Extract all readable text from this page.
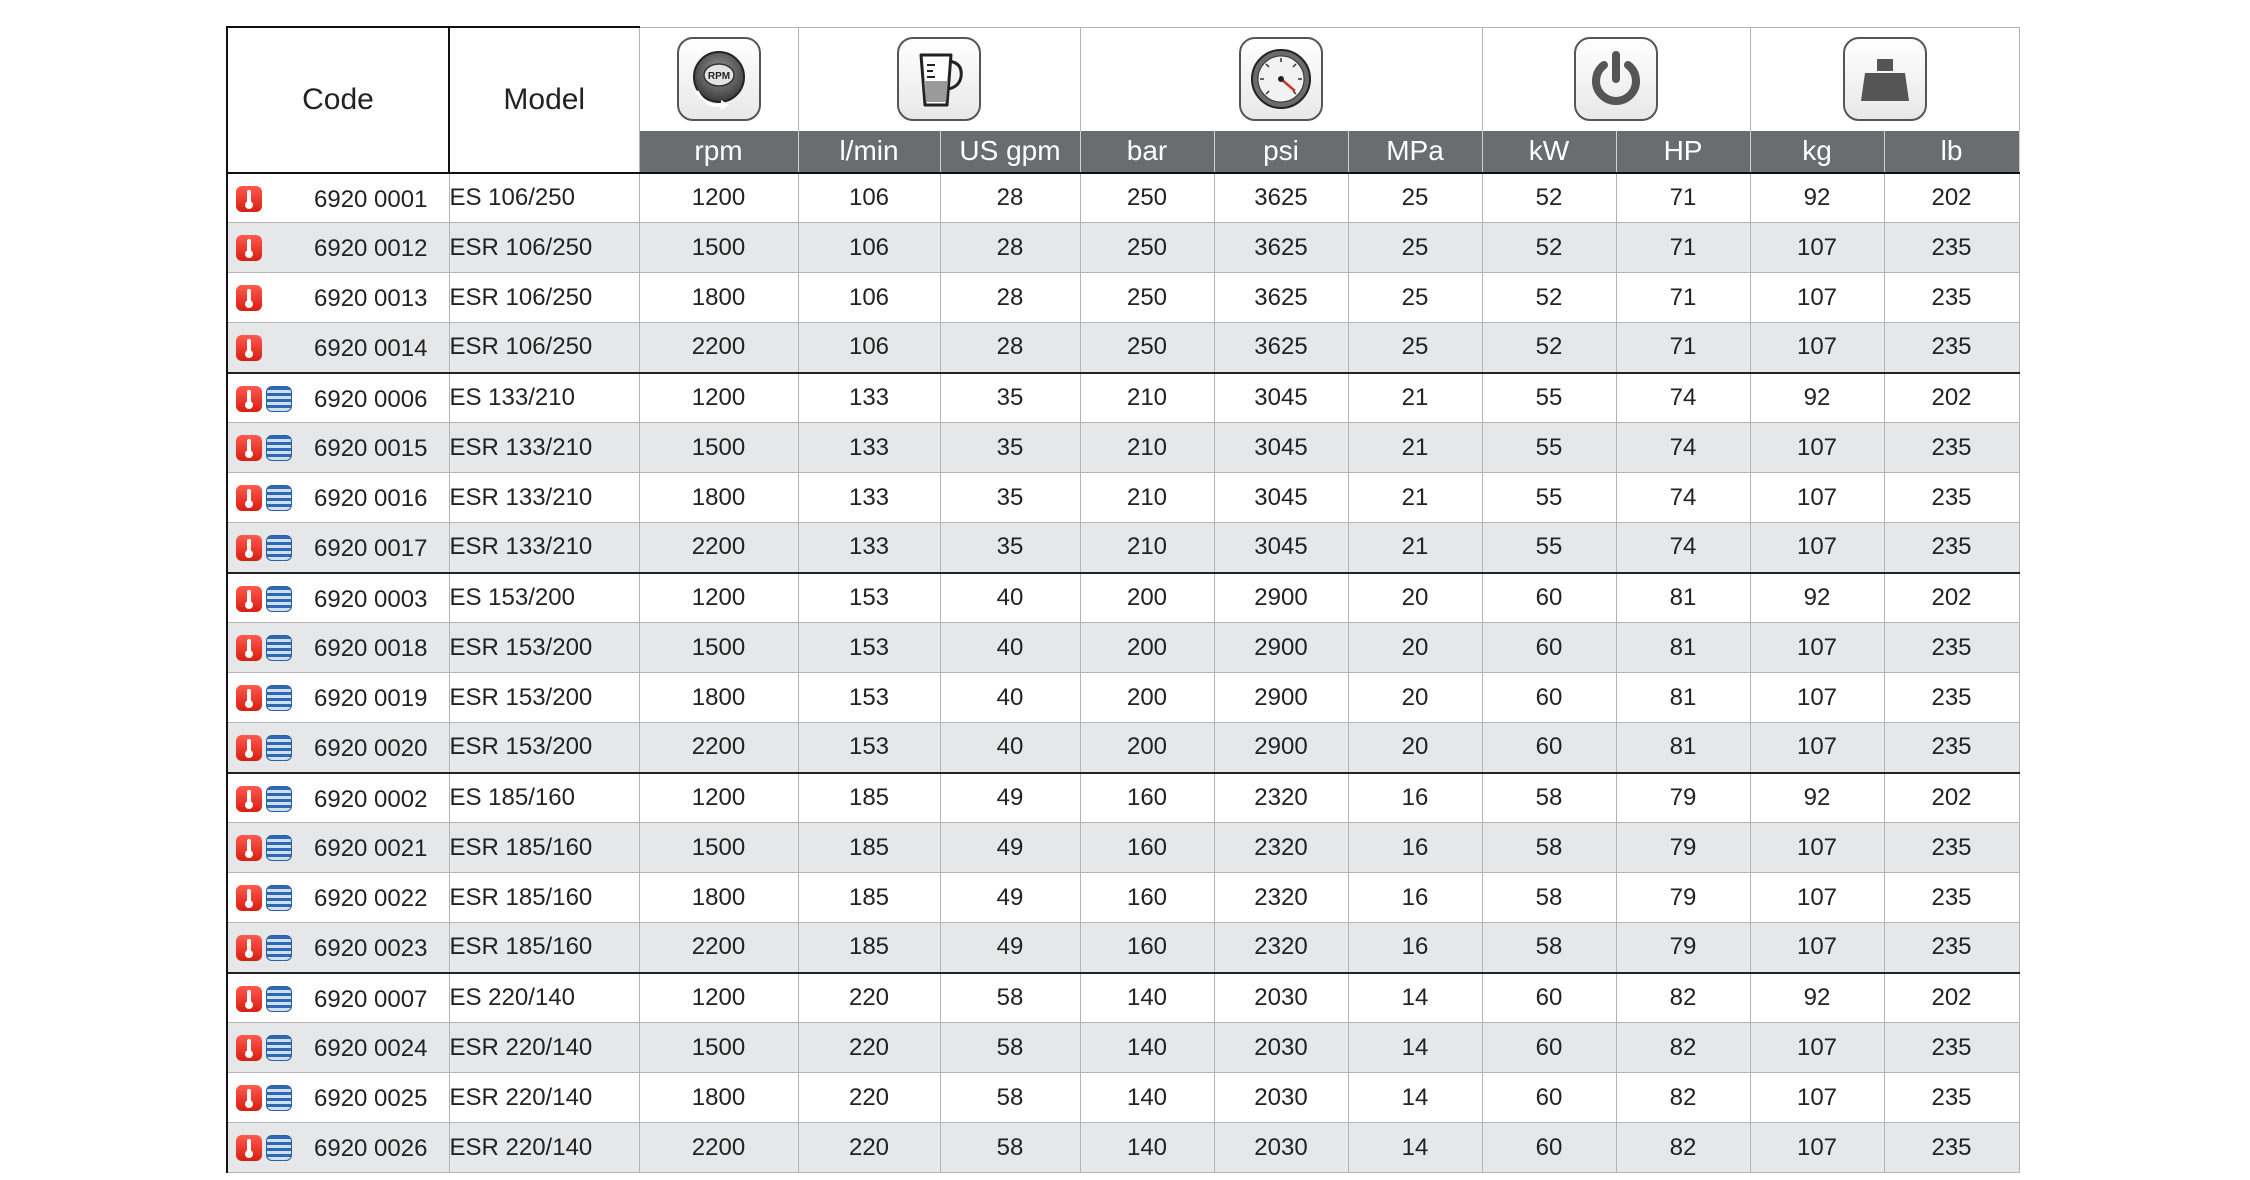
Code	Model	RPM

		rpm	l/min	US gpm	bar	psi	MPa	kW	HP	kg	lb

6920 0001	ES 106/250	1200	106	28	250	3625	25	52	71	92	202

6920 0012	ESR 106/250	1500	106	28	250	3625	25	52	71	107	235

6920 0013	ESR 106/250	1800	106	28	250	3625	25	52	71	107	235

6920 0014	ESR 106/250	2200	106	28	250	3625	25	52	71	107	235

6920 0006	ES 133/210	1200	133	35	210	3045	21	55	74	92	202

6920 0015	ESR 133/210	1500	133	35	210	3045	21	55	74	107	235

6920 0016	ESR 133/210	1800	133	35	210	3045	21	55	74	107	235

6920 0017	ESR 133/210	2200	133	35	210	3045	21	55	74	107	235

6920 0003	ES 153/200	1200	153	40	200	2900	20	60	81	92	202

6920 0018	ESR 153/200	1500	153	40	200	2900	20	60	81	107	235

6920 0019	ESR 153/200	1800	153	40	200	2900	20	60	81	107	235

6920 0020	ESR 153/200	2200	153	40	200	2900	20	60	81	107	235

6920 0002	ES 185/160	1200	185	49	160	2320	16	58	79	92	202

6920 0021	ESR 185/160	1500	185	49	160	2320	16	58	79	107	235

6920 0022	ESR 185/160	1800	185	49	160	2320	16	58	79	107	235

6920 0023	ESR 185/160	2200	185	49	160	2320	16	58	79	107	235

6920 0007	ES 220/140	1200	220	58	140	2030	14	60	82	92	202

6920 0024	ESR 220/140	1500	220	58	140	2030	14	60	82	107	235

6920 0025	ESR 220/140	1800	220	58	140	2030	14	60	82	107	235

6920 0026	ESR 220/140	2200	220	58	140	2030	14	60	82	107	235
